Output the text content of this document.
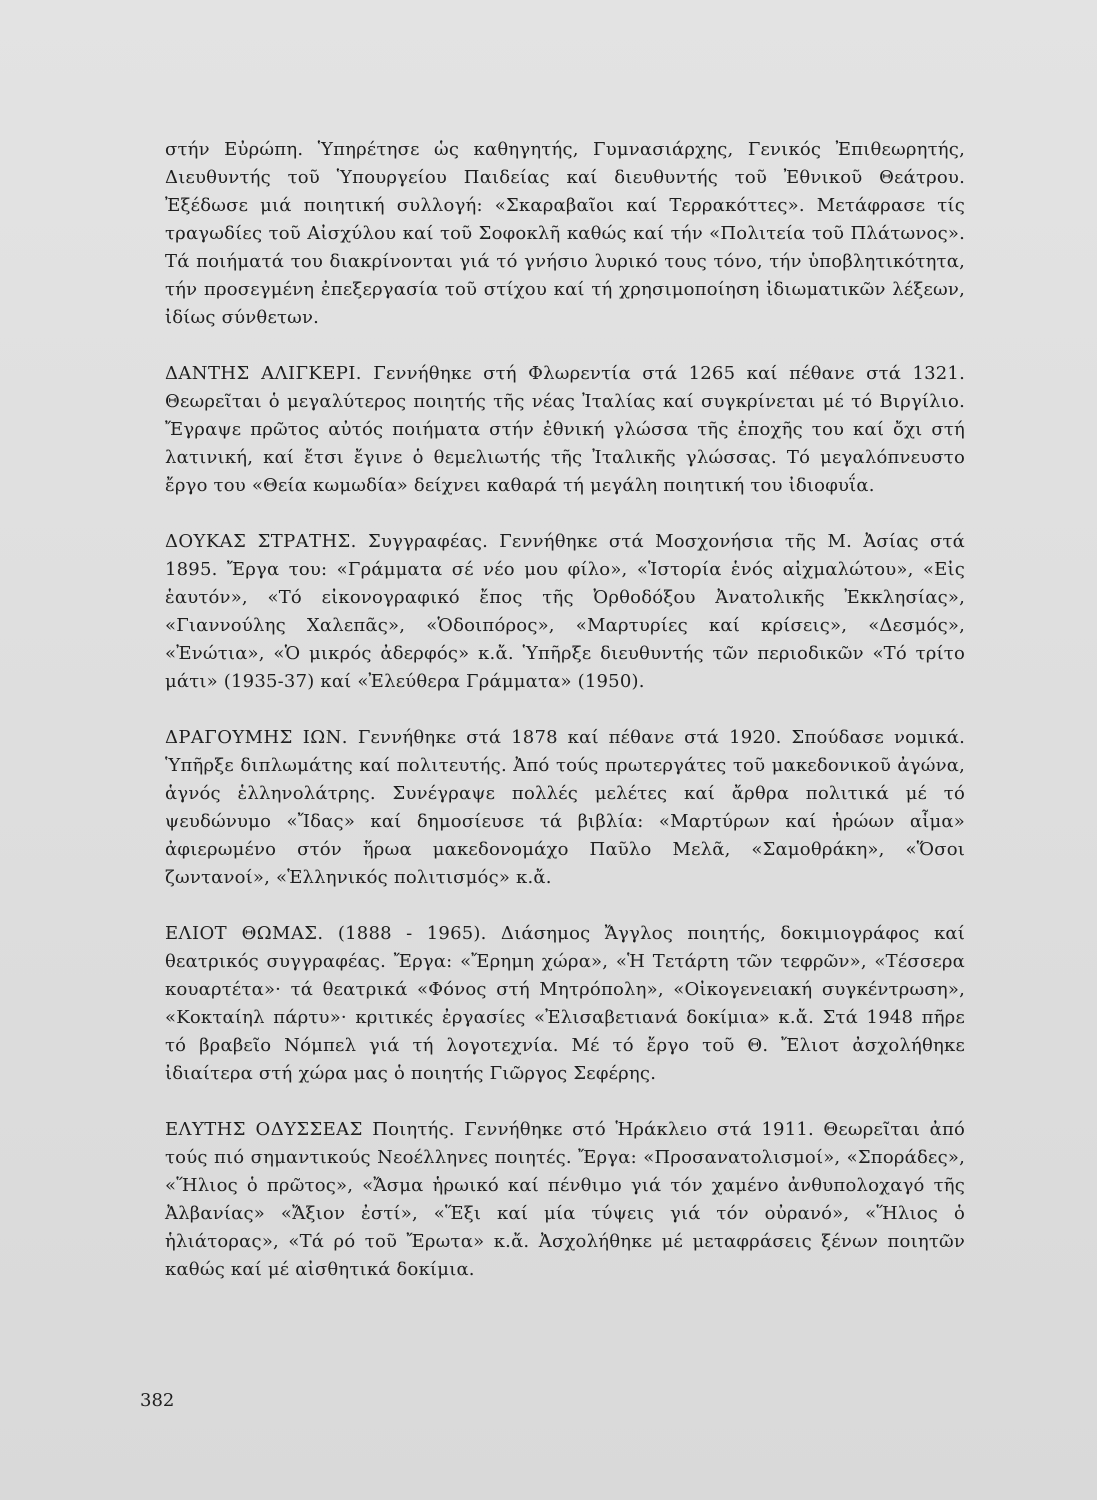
στήν Εὐρώπη. Ὑπηρέτησε ὡς καθηγητής, Γυμνασιάρχης, Γενικός Ἐπιθεωρητής, Διευθυντής τοῦ Ὑπουργείου Παιδείας καί διευθυντής τοῦ Ἐθνικοῦ Θεάτρου. Ἐξέδωσε μιά ποιητική συλλογή: «Σκαραβαῖοι καί Τερρακόττες». Μετάφρασε τίς τραγωδίες τοῦ Αἰσχύλου καί τοῦ Σοφοκλῆ καθώς καί τήν «Πολιτεία τοῦ Πλάτωνος». Τά ποιήματά του διακρίνονται γιά τό γνήσιο λυρικό τους τόνο, τήν ὑποβλητικότητα, τήν προσεγμένη ἐπεξεργασία τοῦ στίχου καί τή χρησιμοποίηση ἰδιωματικῶν λέξεων, ἰδίως σύνθετων.

ΔΑΝΤΗΣ ΑΛΙΓΚΕΡΙ. Γεννήθηκε στή Φλωρεντία στά 1265 καί πέθανε στά 1321. Θεωρεῖται ὁ μεγαλύτερος ποιητής τῆς νέας Ἰταλίας καί συγκρίνεται μέ τό Βιργίλιο. Ἔγραψε πρῶτος αὐτός ποιήματα στήν ἐθνική γλώσσα τῆς ἐποχῆς του καί ὄχι στή λατινική, καί ἔτσι ἔγινε ὁ θεμελιωτής τῆς Ἰταλικῆς γλώσσας. Τό μεγαλόπνευστο ἔργο του «Θεία κωμωδία» δείχνει καθαρά τή μεγάλη ποιητική του ἰδιοφυΐα.

ΔΟΥΚΑΣ ΣΤΡΑΤΗΣ. Συγγραφέας. Γεννήθηκε στά Μοσχονήσια τῆς Μ. Ἀσίας στά 1895. Ἔργα του: «Γράμματα σέ νέο μου φίλο», «Ἱστορία ἑνός αἰχμαλώτου», «Εἰς ἑαυτόν», «Τό εἰκονογραφικό ἔπος τῆς Ὀρθοδόξου Ἀνατολικῆς Ἐκκλησίας», «Γιαννούλης Χαλεπᾶς», «Ὁδοιπόρος», «Μαρτυρίες καί κρίσεις», «Δεσμός», «Ἐνώτια», «Ὁ μικρός ἀδερφός» κ.ἄ. Ὑπῆρξε διευθυντής τῶν περιοδικῶν «Τό τρίτο μάτι» (1935-37) καί «Ἐλεύθερα Γράμματα» (1950).

ΔΡΑΓΟΥΜΗΣ ΙΩΝ. Γεννήθηκε στά 1878 καί πέθανε στά 1920. Σπούδασε νομικά. Ὑπῆρξε διπλωμάτης καί πολιτευτής. Ἀπό τούς πρωτεργάτες τοῦ μακεδονικοῦ ἀγώνα, ἁγνός ἑλληνολάτρης. Συνέγραψε πολλές μελέτες καί ἄρθρα πολιτικά μέ τό ψευδώνυμο «Ἴδας» καί δημοσίευσε τά βιβλία: «Μαρτύρων καί ἡρώων αἷμα» ἀφιερωμένο στόν ἥρωα μακεδονομάχο Παῦλο Μελᾶ, «Σαμοθράκη», «Ὅσοι ζωντανοί», «Ἑλληνικός πολιτισμός» κ.ἄ.

ΕΛΙΟΤ ΘΩΜΑΣ. (1888 - 1965). Διάσημος Ἄγγλος ποιητής, δοκιμιογράφος καί θεατρικός συγγραφέας. Ἔργα: «Ἔρημη χώρα», «Ἡ Τετάρτη τῶν τεφρῶν», «Τέσσερα κουαρτέτα»· τά θεατρικά «Φόνος στή Μητρόπολη», «Οἰκογενειακή συγκέντρωση», «Κοκταίηλ πάρτυ»· κριτικές ἐργασίες «Ἐλισαβετιανά δοκίμια» κ.ἄ. Στά 1948 πῆρε τό βραβεῖο Νόμπελ γιά τή λογοτεχνία. Μέ τό ἔργο τοῦ Θ. Ἔλιοτ ἀσχολήθηκε ἰδιαίτερα στή χώρα μας ὁ ποιητής Γιῶργος Σεφέρης.

ΕΛΥΤΗΣ ΟΔΥΣΣΕΑΣ Ποιητής. Γεννήθηκε στό Ἡράκλειο στά 1911. Θεωρεῖται ἀπό τούς πιό σημαντικούς Νεοέλληνες ποιητές. Ἔργα: «Προσανατολισμοί», «Σποράδες», «Ἥλιος ὁ πρῶτος», «Ἄσμα ἡρωικό καί πένθιμο γιά τόν χαμένο ἀνθυπολοχαγό τῆς Ἀλβανίας» «Ἄξιον ἐστί», «Ἕξι καί μία τύψεις γιά τόν οὐρανό», «Ἥλιος ὁ ἡλιάτορας», «Τά ρό τοῦ Ἔρωτα» κ.ἄ. Ἀσχολήθηκε μέ μεταφράσεις ξένων ποιητῶν καθώς καί μέ αἰσθητικά δοκίμια.

382
